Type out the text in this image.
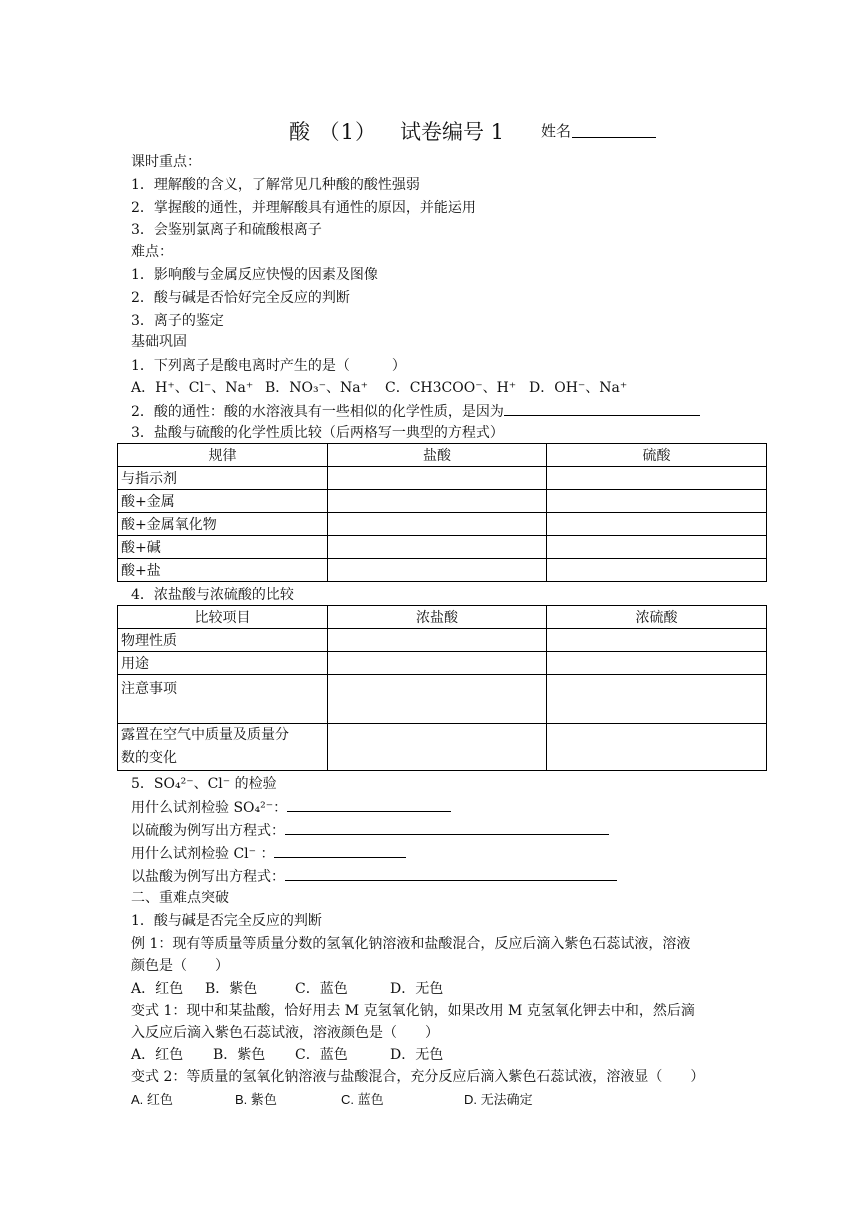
酸 （1） 试卷编号 1 姓名
课时重点：
1．理解酸的含义，了解常见几种酸的酸性强弱
2．掌握酸的通性，并理解酸具有通性的原因，并能运用
3．会鉴别氯离子和硫酸根离子
难点：
1．影响酸与金属反应快慢的因素及图像
2．酸与碱是否恰好完全反应的判断
3．离子的鉴定
基础巩固
1．下列离子是酸电离时产生的是（　　　）
A．H⁺、Cl⁻、Na⁺ B．NO₃⁻、Na⁺ C．CH3COO⁻、H⁺ D．OH⁻、Na⁺
2．酸的通性：酸的水溶液具有一些相似的化学性质，是因为
3．盐酸与硫酸的化学性质比较（后两格写一典型的方程式）
规律	盐酸	硫酸
与指示剂		
酸+金属		
酸+金属氧化物		
酸+碱		
酸+盐		
4．浓盐酸与浓硫酸的比较
比较项目	浓盐酸	浓硫酸
物理性质		
用途		
注意事项		
露置在空气中质量及质量分
数的变化		
5．SO₄²⁻、Cl⁻ 的检验
用什么试剂检验 SO₄²⁻：
以硫酸为例写出方程式：
用什么试剂检验 Cl⁻ ：
以盐酸为例写出方程式：
二、重难点突破
1．酸与碱是否完全反应的判断
例 1：现有等质量等质量分数的氢氧化钠溶液和盐酸混合，反应后滴入紫色石蕊试液，溶液
颜色是（　　）
A．红色 B．紫色	C．蓝色	D．无色
变式 1：现中和某盐酸，恰好用去 M 克氢氧化钠，如果改用 M 克氢氧化钾去中和，然后滴
入反应后滴入紫色石蕊试液，溶液颜色是（　　）
A．红色 B．紫色 C．蓝色	D．无色
变式 2：等质量的氢氧化钠溶液与盐酸混合，充分反应后滴入紫色石蕊试液，溶液显（　　）
A. 红色	B. 紫色	C. 蓝色	D. 无法确定
